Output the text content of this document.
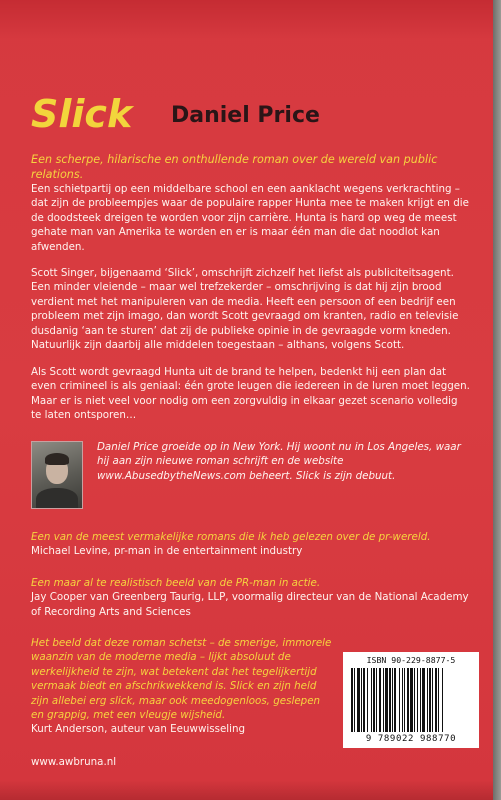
Slick Daniel Price
Een scherpe, hilarische en onthullende roman over de wereld van public relations.

Een schietpartij op een middelbare school en een aanklacht wegens verkrachting – dat zijn de probleempjes waar de populaire rapper Hunta mee te maken krijgt en die de doodsteek dreigen te worden voor zijn carrière. Hunta is hard op weg de meest gehate man van Amerika te worden en er is maar één man die dat noodlot kan afwenden.

Scott Singer, bijgenaamd ‘Slick’, omschrijft zichzelf het liefst als publiciteitsagent. Een minder vleiende – maar wel trefzekerder – omschrijving is dat hij zijn brood verdient met het manipuleren van de media. Heeft een persoon of een bedrijf een probleem met zijn imago, dan wordt Scott gevraagd om kranten, radio en televisie dusdanig ‘aan te sturen’ dat zij de publieke opinie in de gevraagde vorm kneden. Natuurlijk zijn daarbij alle middelen toegestaan – althans, volgens Scott.

Als Scott wordt gevraagd Hunta uit de brand te helpen, bedenkt hij een plan dat even crimineel is als geniaal: één grote leugen die iedereen in de luren moet leggen. Maar er is niet veel voor nodig om een zorgvuldig in elkaar gezet scenario volledig te laten ontsporen…

Daniel Price groeide op in New York. Hij woont nu in Los Angeles, waar hij aan zijn nieuwe roman schrijft en de website www.AbusedbytheNews.com beheert. Slick is zijn debuut.
Een van de meest vermakelijke romans die ik heb gelezen over de pr-wereld.
Michael Levine, pr-man in de entertainment industry
Een maar al te realistisch beeld van de PR-man in actie.
Jay Cooper van Greenberg Taurig, LLP, voormalig directeur van de National Academy of Recording Arts and Sciences
Het beeld dat deze roman schetst – de smerige, immorele waanzin van de moderne media – lijkt absoluut de werkelijkheid te zijn, wat betekent dat het tegelijkertijd vermaak biedt en afschrikwekkend is. Slick en zijn held zijn allebei erg slick, maar ook meedogenloos, geslepen en grappig, met een vleugje wijsheid.
Kurt Anderson, auteur van Eeuwwisseling
ISBN 90-229-8877-5
9 789022 988770
www.awbruna.nl
